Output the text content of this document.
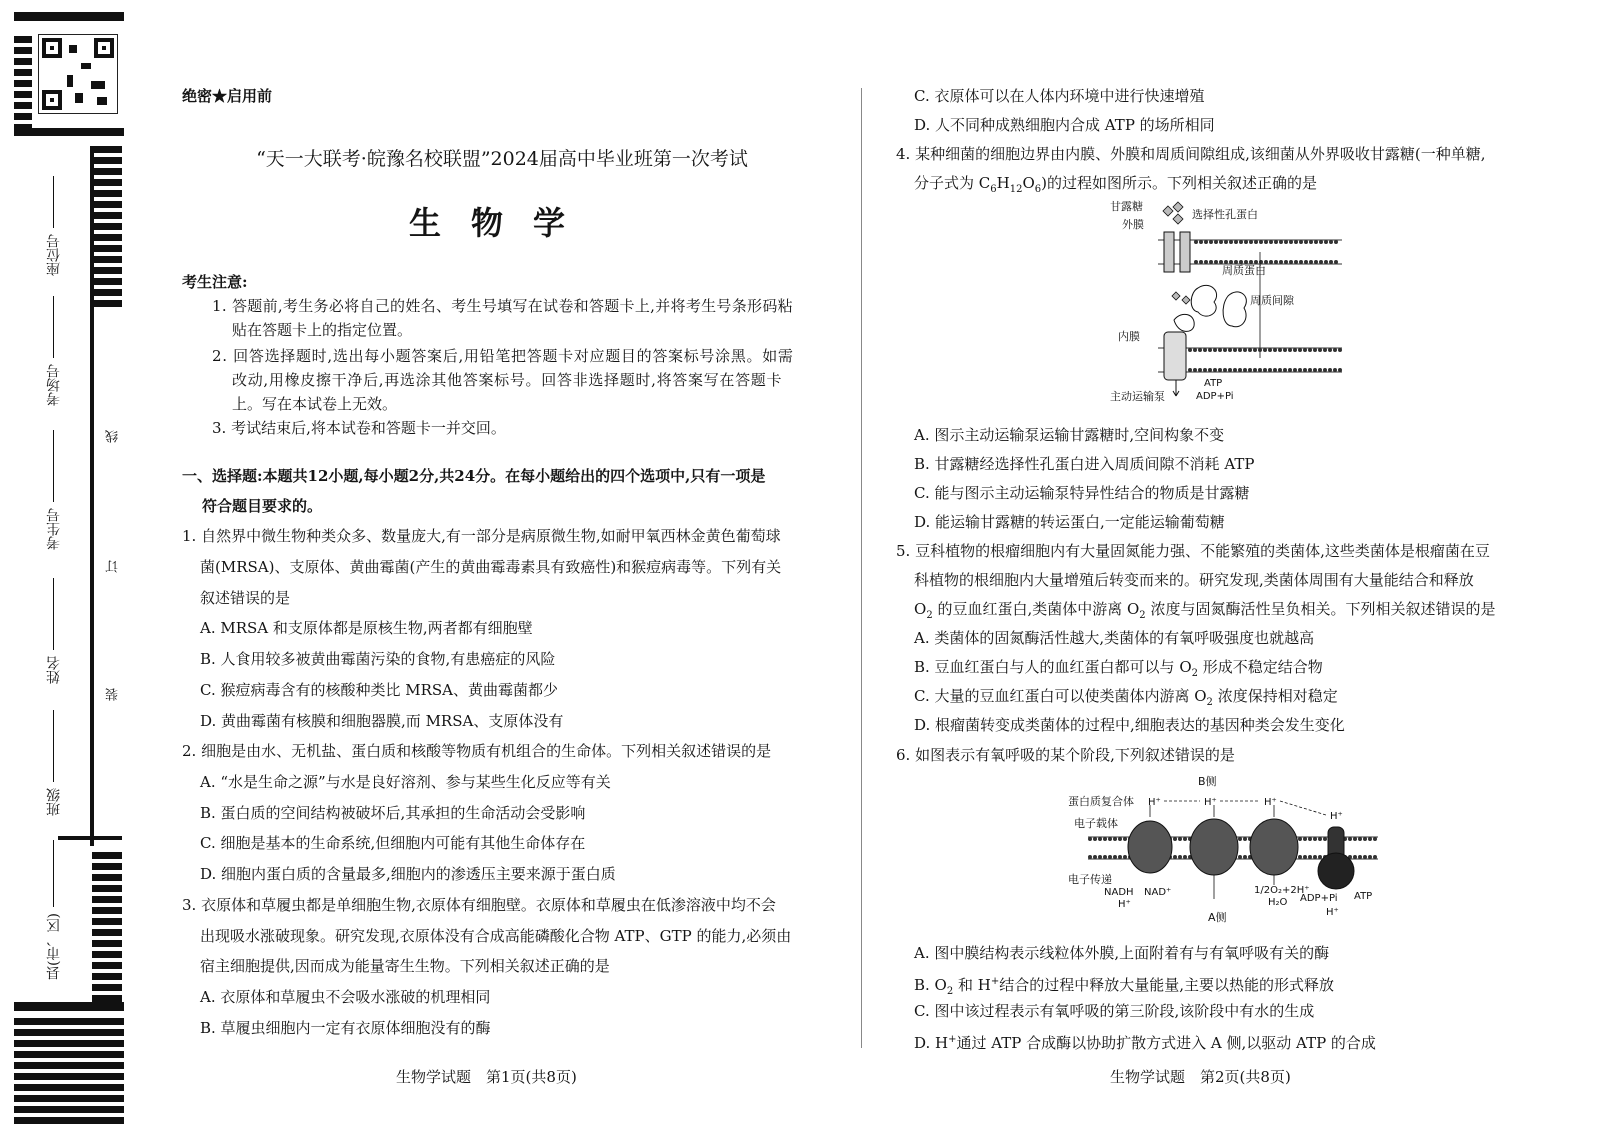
座位号
考场号
考生号
姓名
班级
县(市、区)
线
订
装
绝密★启用前
“天一大联考·皖豫名校联盟”2024届高中毕业班第一次考试
生物学
考生注意:
1. 答题前,考生务必将自己的姓名、考生号填写在试卷和答题卡上,并将考生号条形码粘
贴在答题卡上的指定位置。
2. 回答选择题时,选出每小题答案后,用铅笔把答题卡对应题目的答案标号涂黑。如需
改动,用橡皮擦干净后,再选涂其他答案标号。回答非选择题时,将答案写在答题卡
上。写在本试卷上无效。
3. 考试结束后,将本试卷和答题卡一并交回。
一、选择题:本题共12小题,每小题2分,共24分。在每小题给出的四个选项中,只有一项是
符合题目要求的。
1. 自然界中微生物种类众多、数量庞大,有一部分是病原微生物,如耐甲氧西林金黄色葡萄球
菌(MRSA)、支原体、黄曲霉菌(产生的黄曲霉毒素具有致癌性)和猴痘病毒等。下列有关
叙述错误的是
A. MRSA 和支原体都是原核生物,两者都有细胞壁
B. 人食用较多被黄曲霉菌污染的食物,有患癌症的风险
C. 猴痘病毒含有的核酸种类比 MRSA、黄曲霉菌都少
D. 黄曲霉菌有核膜和细胞器膜,而 MRSA、支原体没有
2. 细胞是由水、无机盐、蛋白质和核酸等物质有机组合的生命体。下列相关叙述错误的是
A. “水是生命之源”与水是良好溶剂、参与某些生化反应等有关
B. 蛋白质的空间结构被破坏后,其承担的生命活动会受影响
C. 细胞是基本的生命系统,但细胞内可能有其他生命体存在
D. 细胞内蛋白质的含量最多,细胞内的渗透压主要来源于蛋白质
3. 衣原体和草履虫都是单细胞生物,衣原体有细胞壁。衣原体和草履虫在低渗溶液中均不会
出现吸水涨破现象。研究发现,衣原体没有合成高能磷酸化合物 ATP、GTP 的能力,必须由
宿主细胞提供,因而成为能量寄生生物。下列相关叙述正确的是
A. 衣原体和草履虫不会吸水涨破的机理相同
B. 草履虫细胞内一定有衣原体细胞没有的酶
生物学试题　第1页(共8页)
C. 衣原体可以在人体内环境中进行快速增殖
D. 人不同种成熟细胞内合成 ATP 的场所相同
4. 某种细菌的细胞边界由内膜、外膜和周质间隙组成,该细菌从外界吸收甘露糖(一种单糖,
分子式为 $C_6H_{12}O_6$)的过程如图所示。下列相关叙述正确的是
甘露糖
选择性孔蛋白
外膜
周质蛋白
周质间隙
内膜
主动运输泵
ATP
ADP+Pi
A. 图示主动运输泵运输甘露糖时,空间构象不变
B. 甘露糖经选择性孔蛋白进入周质间隙不消耗 ATP
C. 能与图示主动运输泵特异性结合的物质是甘露糖
D. 能运输甘露糖的转运蛋白,一定能运输葡萄糖
5. 豆科植物的根瘤细胞内有大量固氮能力强、不能繁殖的类菌体,这些类菌体是根瘤菌在豆
科植物的根细胞内大量增殖后转变而来的。研究发现,类菌体周围有大量能结合和释放
$O_2$ 的豆血红蛋白,类菌体中游离 $O_2$ 浓度与固氮酶活性呈负相关。下列相关叙述错误的是
A. 类菌体的固氮酶活性越大,类菌体的有氧呼吸强度也就越高
B. 豆血红蛋白与人的血红蛋白都可以与 $O_2$ 形成不稳定结合物
C. 大量的豆血红蛋白可以使类菌体内游离 $O_2$ 浓度保持相对稳定
D. 根瘤菌转变成类菌体的过程中,细胞表达的基因种类会发生变化
6. 如图表示有氧呼吸的某个阶段,下列叙述错误的是
B侧
蛋白质复合体 H⁺	H⁺	H⁺
H⁺
电子载体
电子传递
NADH NAD⁺
H⁺
1/2O₂+2H⁺
H₂O ADP+Pi ATP
H⁺
A侧
A. 图中膜结构表示线粒体外膜,上面附着有与有氧呼吸有关的酶
B. $O_2$ 和 H+结合的过程中释放大量能量,主要以热能的形式释放
C. 图中该过程表示有氧呼吸的第三阶段,该阶段中有水的生成
D. H+通过 ATP 合成酶以协助扩散方式进入 A 侧,以驱动 ATP 的合成
生物学试题　第2页(共8页)
